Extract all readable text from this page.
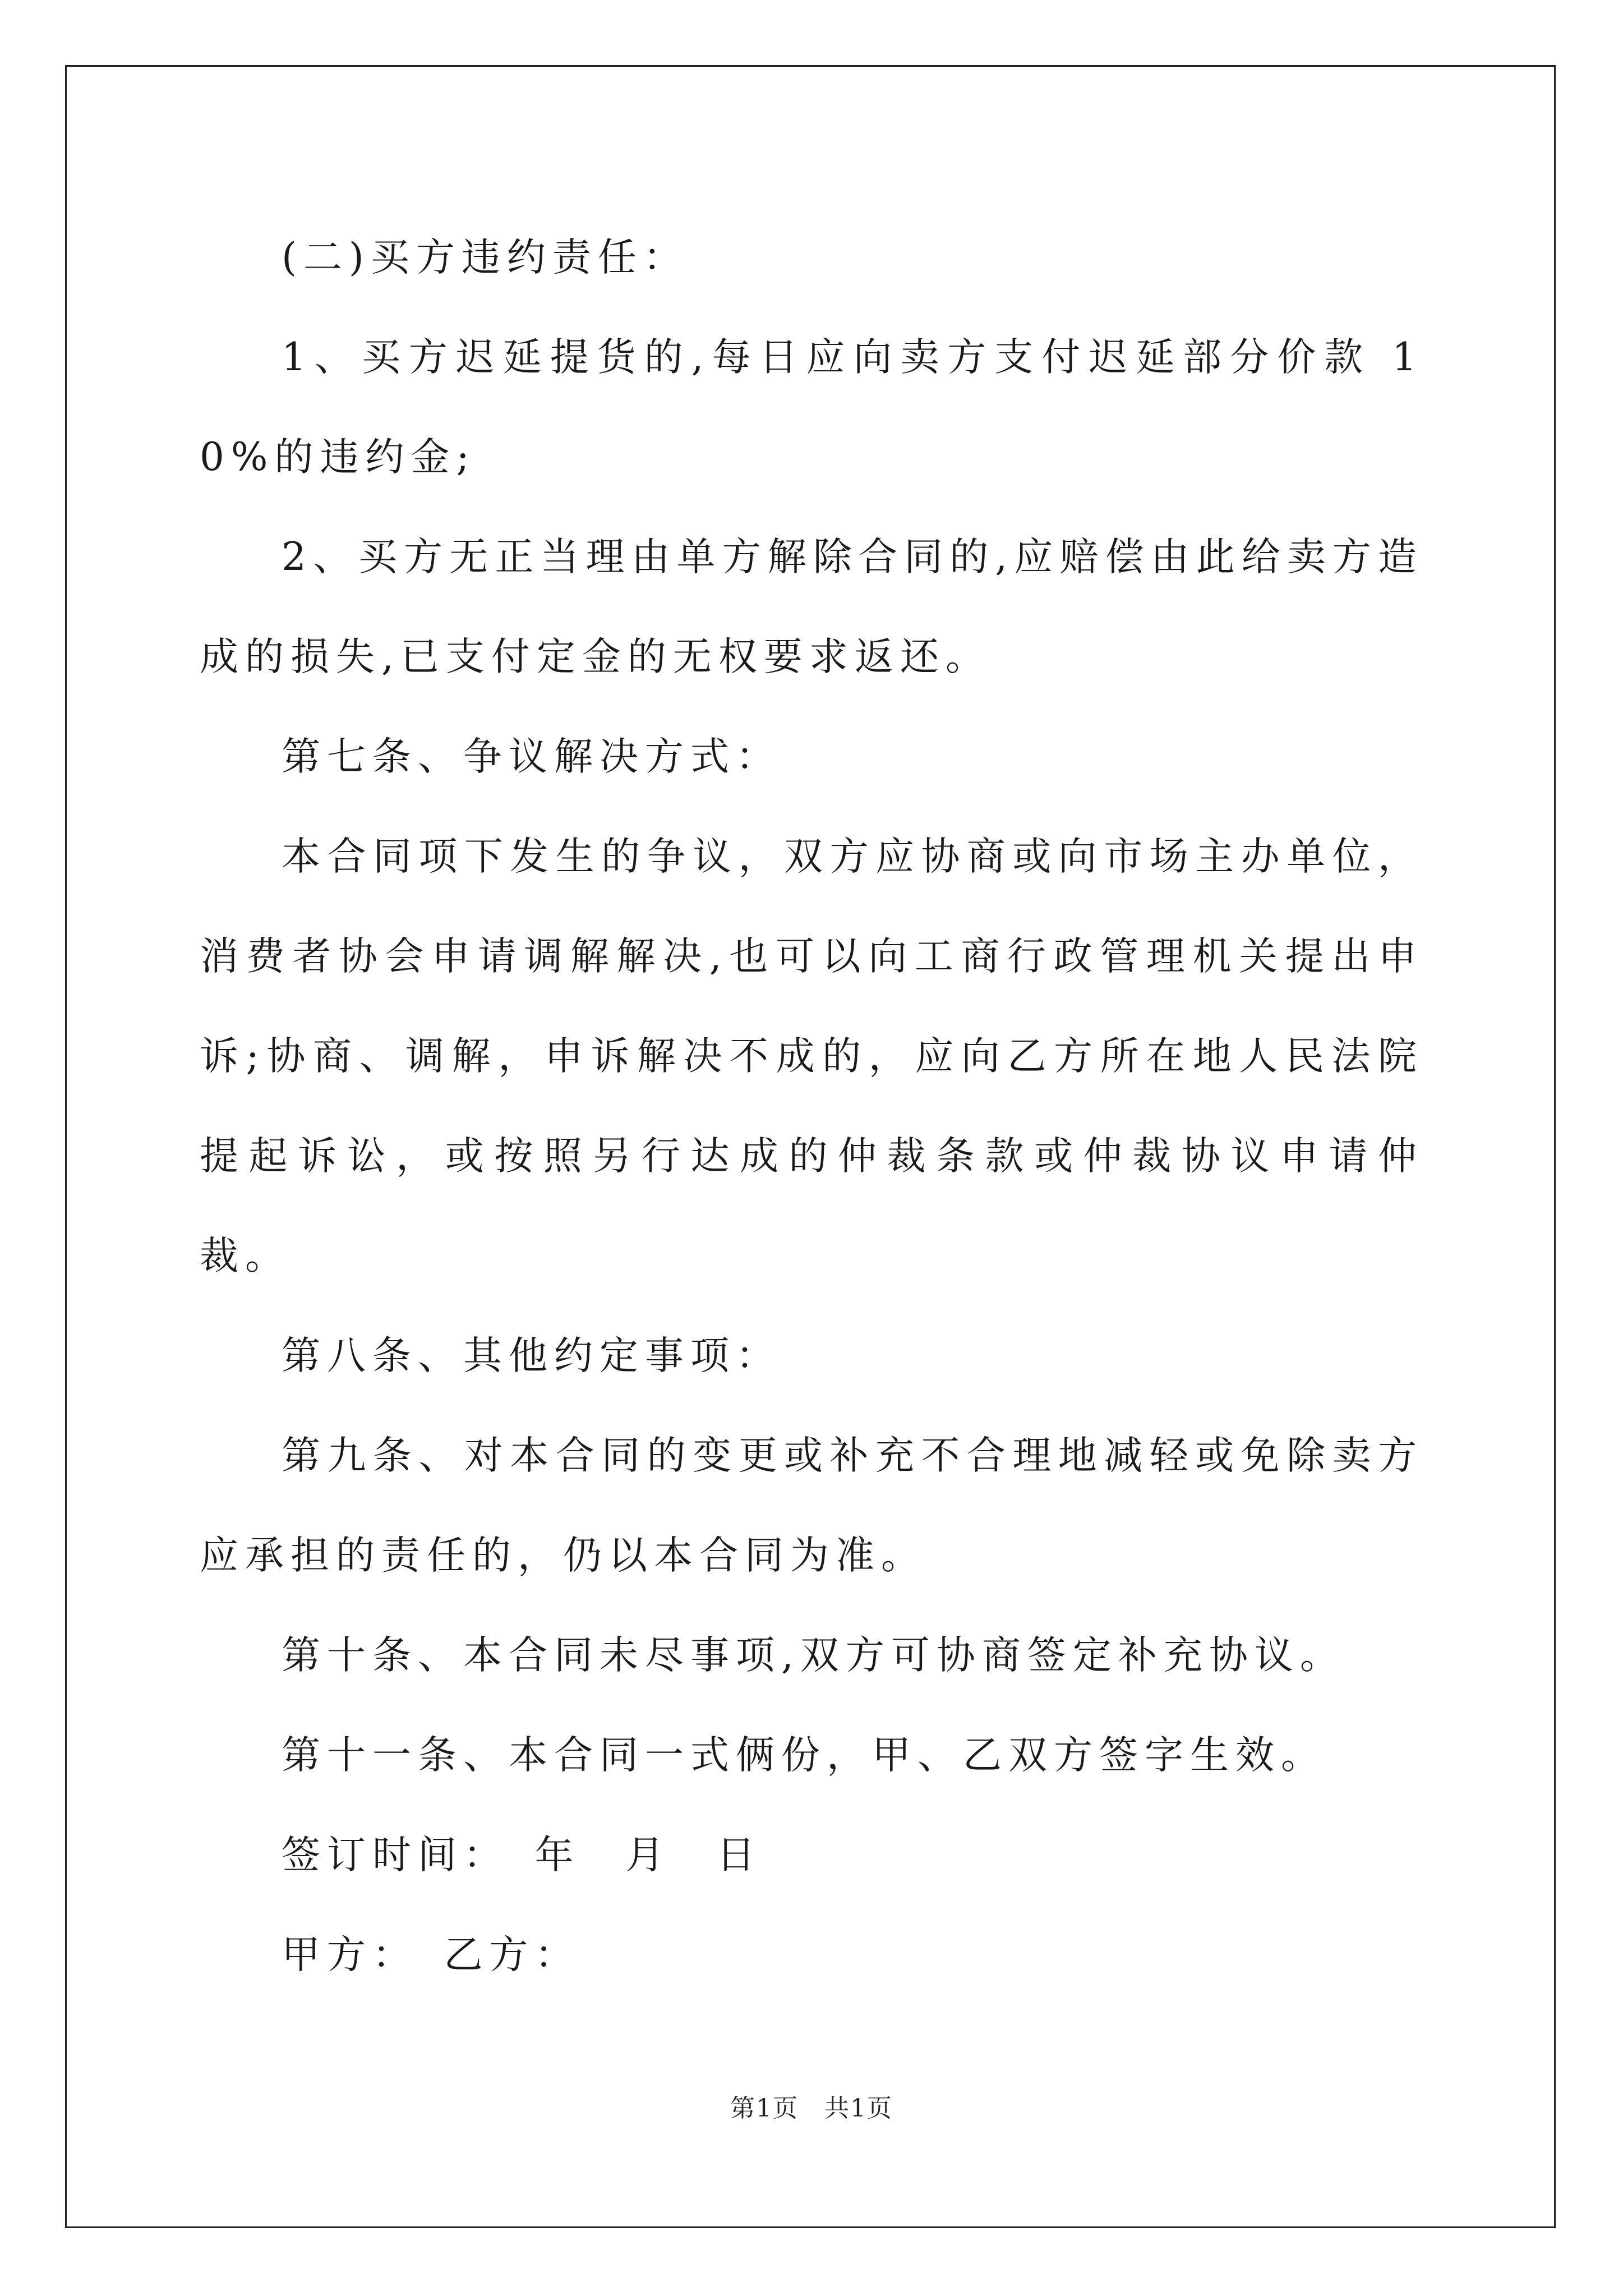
(二)买方违约责任：

1、买方迟延提货的,每日应向卖方支付迟延部分价款 10%的违约金;

2、买方无正当理由单方解除合同的,应赔偿由此给卖方造成的损失,已支付定金的无权要求返还。

第七条、争议解决方式：

本合同项下发生的争议，双方应协商或向市场主办单位，消费者协会申请调解解决,也可以向工商行政管理机关提出申诉;协商、调解，申诉解决不成的，应向乙方所在地人民法院提起诉讼，或按照另行达成的仲裁条款或仲裁协议申请仲裁。

第八条、其他约定事项：

第九条、对本合同的变更或补充不合理地减轻或免除卖方应承担的责任的，仍以本合同为准。

第十条、本合同未尽事项,双方可协商签定补充协议。

第十一条、本合同一式俩份，甲、乙双方签字生效。

签订时间：　年　月　日

甲方：　乙方：

第1页　共1页
